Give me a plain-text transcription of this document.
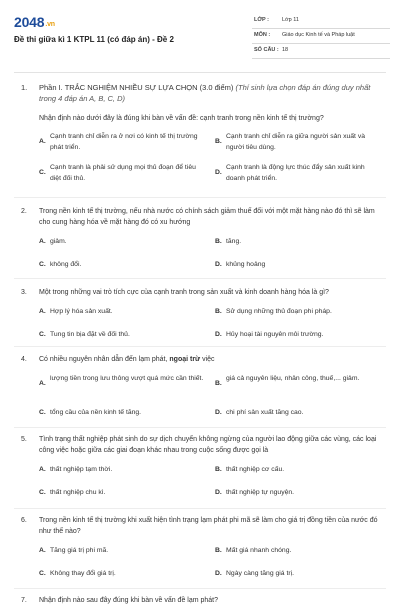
2048.vn
Đề thi giữa kì 1 KTPL 11 (có đáp án) - Đề 2
LỚP : Lớp 11
MÔN : Giáo dục Kinh tế và Pháp luật
SỐ CÂU : 18
1. Phần I. TRẮC NGHIỆM NHIỀU SỰ LỰA CHỌN (3.0 điểm) (Thí sinh lựa chọn đáp án đúng duy nhất trong 4 đáp án A, B, C, D)
Nhận định nào dưới đây là đúng khi bàn về vấn đề: cạnh tranh trong nền kinh tế thị trường?
A.
Cạnh tranh chỉ diễn ra ở nơi có kinh tế thị trường phát triển.
B.
Cạnh tranh chỉ diễn ra giữa người sản xuất và người tiêu dùng.
C.
Cạnh tranh là phải sử dụng mọi thủ đoạn để tiêu diệt đối thủ.
D.
Cạnh tranh là động lực thúc đẩy sản xuất kinh doanh phát triển.
2. Trong nền kinh tế thị trường, nếu nhà nước có chính sách giảm thuế đối với một mặt hàng nào đó thì sẽ làm cho cung hàng hóa về mặt hàng đó có xu hướng
A. giảm.	B. tăng.
C. không đổi.	D. khủng hoảng
3. Một trong những vai trò tích cực của cạnh tranh trong sản xuất và kinh doanh hàng hóa là gì?
A. Hợp lý hóa sản xuất.	B. Sử dụng những thủ đoạn phi pháp.
C. Tung tin bịa đặt về đối thủ.	D. Hủy hoại tài nguyên môi trường.
4. Có nhiều nguyên nhân dẫn đến lạm phát, ngoại trừ việc
A.
lượng tiền trong lưu thông vượt quá mức cần thiết.
B.
giá cả nguyên liệu, nhân công, thuế,... giảm.
C. tổng cầu của nền kinh tế tăng.	D. chi phí sản xuất tăng cao.
5. Tình trạng thất nghiệp phát sinh do sự dịch chuyển không ngừng của người lao động giữa các vùng, các loại công việc hoặc giữa các giai đoạn khác nhau trong cuộc sống được gọi là
A. thất nghiệp tạm thời.	B. thất nghiệp cơ cấu.
C. thất nghiệp chu kì.	D. thất nghiệp tự nguyện.
6. Trong nền kinh tế thị trường khi xuất hiện tình trạng lạm phát phi mã sẽ làm cho giá trị đồng tiền của nước đó như thế nào?
A. Tăng giá trị phi mã.	B. Mất giá nhanh chóng.
C. Không thay đổi giá trị.	D. Ngày càng tăng giá trị.
7. Nhận định nào sau đây đúng khi bàn về vấn đề lạm phát?
